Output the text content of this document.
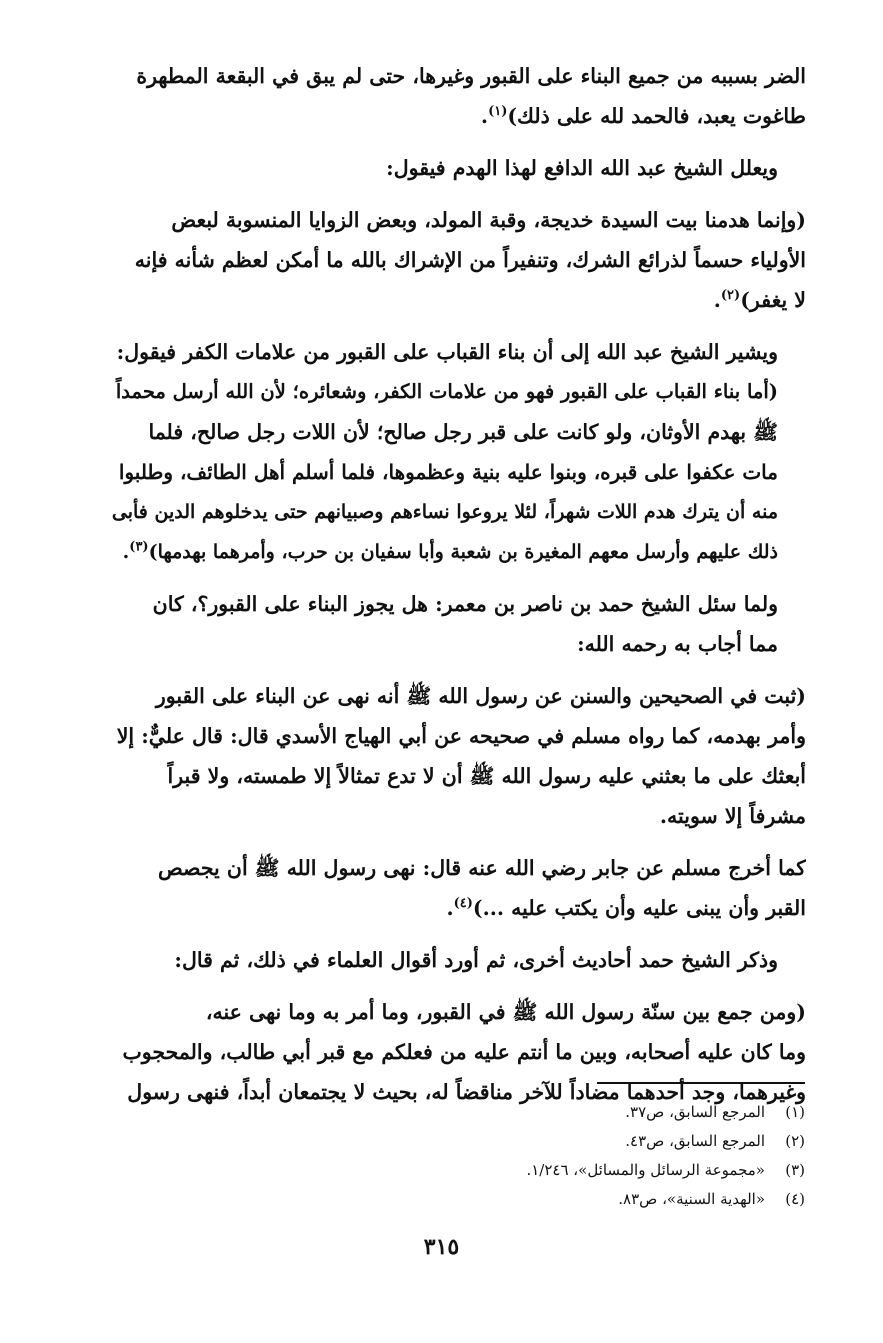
الضر بسببه من جميع البناء على القبور وغيرها، حتى لم يبق في البقعة المطهرة
طاغوت يعبد، فالحمد لله على ذلك)$^{(١)}$.

ويعلل الشيخ عبد الله الدافع لهذا الهدم فيقول:

(وإنما هدمنا بيت السيدة خديجة، وقبة المولد، وبعض الزوايا المنسوبة لبعض
الأولياء حسماً لذرائع الشرك، وتنفيراً من الإشراك بالله ما أمكن لعظم شأنه فإنه
لا يغفر)$^{(٢)}$.

ويشير الشيخ عبد الله إلى أن بناء القباب على القبور من علامات الكفر فيقول:
(أما بناء القباب على القبور فهو من علامات الكفر، وشعائره؛ لأن الله أرسل محمداً
ﷺ بهدم الأوثان، ولو كانت على قبر رجل صالح؛ لأن اللات رجل صالح، فلما
مات عكفوا على قبره، وبنوا عليه بنية وعظموها، فلما أسلم أهل الطائف، وطلبوا
منه أن يترك هدم اللات شهراً، لئلا يروعوا نساءهم وصبيانهم حتى يدخلوهم الدين فأبى
ذلك عليهم وأرسل معهم المغيرة بن شعبة وأبا سفيان بن حرب، وأمرهما بهدمها)$^{(٣)}$.

ولما سئل الشيخ حمد بن ناصر بن معمر: هل يجوز البناء على القبور؟، كان
مما أجاب به رحمه الله:

(ثبت في الصحيحين والسنن عن رسول الله ﷺ أنه نهى عن البناء على القبور
وأمر بهدمه، كما رواه مسلم في صحيحه عن أبي الهياج الأسدي قال: قال عليٌّ: إلا
أبعثك على ما بعثني عليه رسول الله ﷺ أن لا تدع تمثالاً إلا طمسته، ولا قبراً
مشرفاً إلا سويته.

كما أخرج مسلم عن جابر رضي الله عنه قال: نهى رسول الله ﷺ أن يجصص
القبر وأن يبنى عليه وأن يكتب عليه ...)$^{(٤)}$.

وذكر الشيخ حمد أحاديث أخرى، ثم أورد أقوال العلماء في ذلك، ثم قال:

(ومن جمع بين سنّة رسول الله ﷺ في القبور، وما أمر به وما نهى عنه،
وما كان عليه أصحابه، وبين ما أنتم عليه من فعلكم مع قبر أبي طالب، والمحجوب
وغيرهما، وجد أحدهما مضاداً للآخر مناقضاً له، بحيث لا يجتمعان أبداً، فنهى رسول

(١)المرجع السابق، ص٣٧.
(٢)المرجع السابق، ص٤٣.
(٣)«مجموعة الرسائل والمسائل»، ١/٢٤٦.
(٤)«الهدية السنية»، ص٨٣.
٣١٥
